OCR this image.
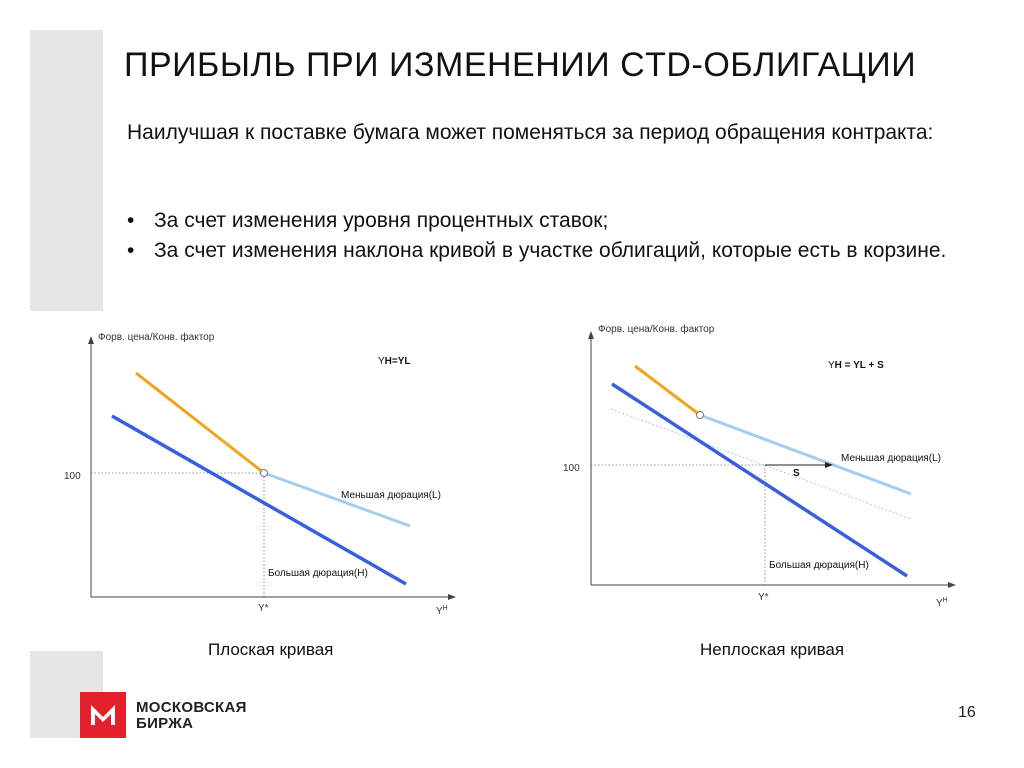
ПРИБЫЛЬ ПРИ ИЗМЕНЕНИИ CTD-ОБЛИГАЦИИ
Наилучшая к поставке бумага может поменяться за период обращения контракта:
• За счет изменения уровня процентных ставок;
• За счет изменения наклона кривой в участке облигаций, которые есть в корзине.
Форв. цена/Конв. фактор
100
Y*	$Y^H$
YH=YL
Меньшая дюрация(L)
Большая дюрация(H)
Форв. цена/Конв. фактор
100
Y*
$Y^H$
S
YH = YL + S
Меньшая дюрация(L)
Большая дюрация(H)
Плоская кривая	Неплоская кривая
МОСКОВСКАЯ
БИРЖА
16
